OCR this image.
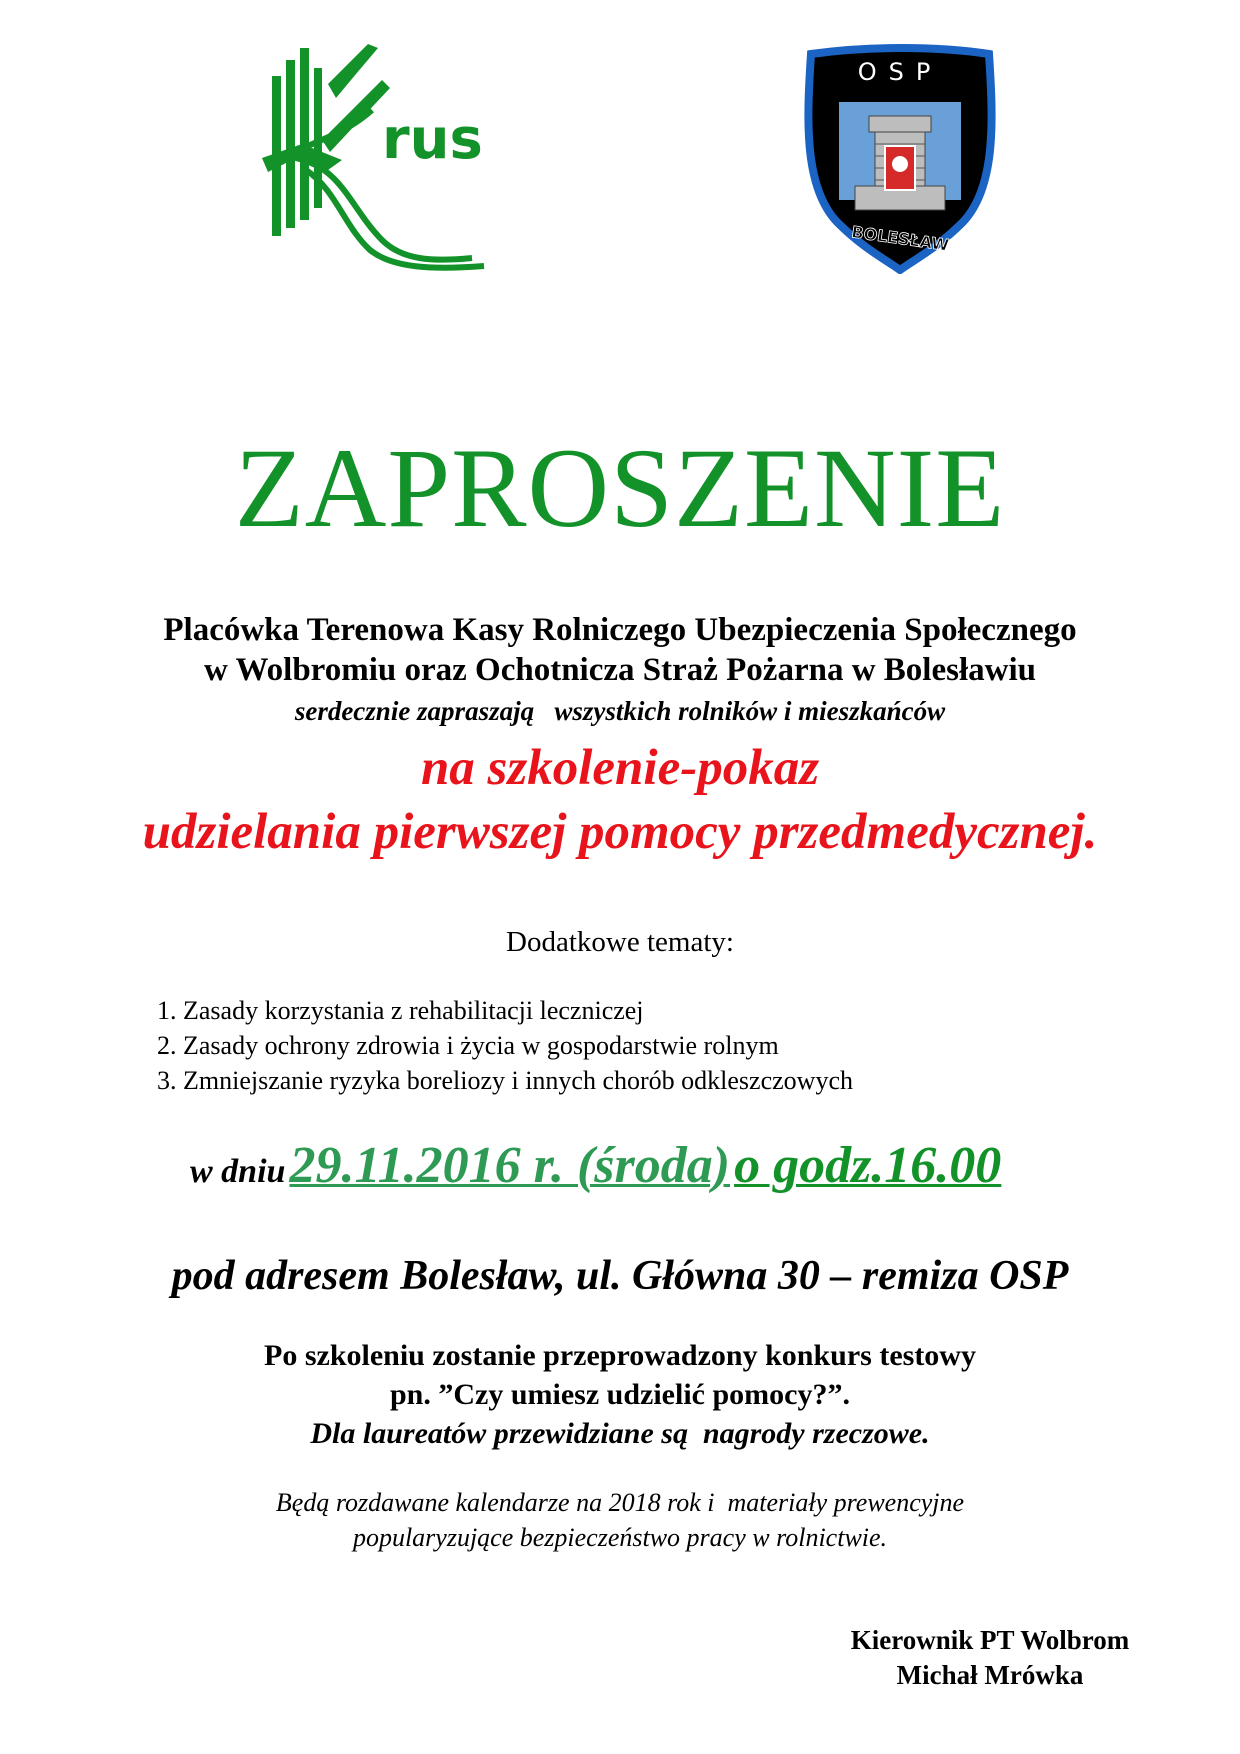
rus
OSP
BOLESŁAW
ZAPROSZENIE
Placówka Terenowa Kasy Rolniczego Ubezpieczenia Społecznego
w Wolbromiu oraz Ochotnicza Straż Pożarna w Bolesławiu
serdecznie zapraszają   wszystkich rolników i mieszkańców
na szkolenie-pokaz
udzielania pierwszej pomocy przedmedycznej.
Dodatkowe tematy:
1. Zasady korzystania z rehabilitacji leczniczej
2. Zasady ochrony zdrowia i życia w gospodarstwie rolnym
3. Zmniejszanie ryzyka boreliozy i innych chorób odkleszczowych
w dniu 29.11.2016 r. (środa) o godz.16.00
pod adresem Bolesław, ul. Główna 30 – remiza OSP
Po szkoleniu zostanie przeprowadzony konkurs testowy
pn. ”Czy umiesz udzielić pomocy?”.
Dla laureatów przewidziane są  nagrody rzeczowe.
Będą rozdawane kalendarze na 2018 rok i  materiały prewencyjne
popularyzujące bezpieczeństwo pracy w rolnictwie.
Kierownik PT Wolbrom
Michał Mrówka
